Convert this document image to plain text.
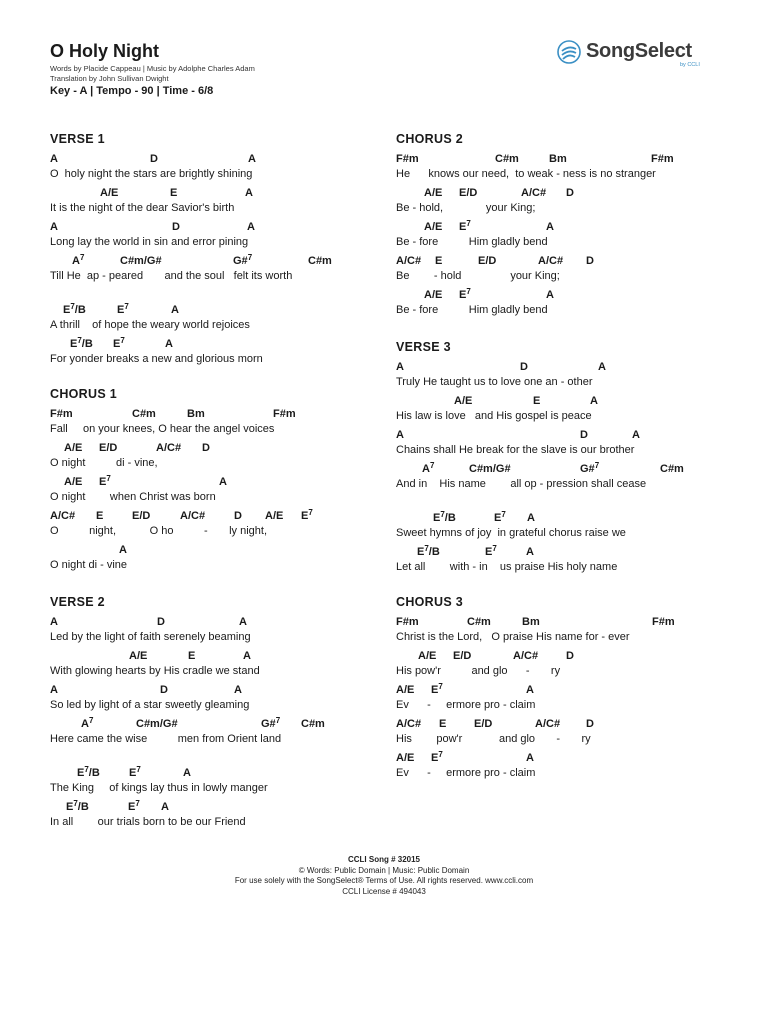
O Holy Night
Words by Placide Cappeau | Music by Adolphe Charles Adam
Translation by John Sullivan Dwight
Key - A | Tempo - 90 | Time - 6/8
SongSelect
by CCLI
VERSE 1
A	D	A
O  holy night the stars are brightly shining
A/E	E	A
It is the night of the dear Savior's birth
A	D	A
Long lay the world in sin and error pining
$A^7$	C#m/G#	G#$^7$	C#m
Till He  ap - peared       and the soul   felt its worth
$E^7/B$	$E^7$	A
A thrill    of hope the weary world rejoices
$E^7/B$ $E^7$	A
For yonder breaks a new and glorious morn
CHORUS 1
F#m	C#m	Bm	F#m
Fall     on your knees, O hear the angel voices
A/E E/D	A/C# D
O night          di - vine,
A/E $E^7$	A
O night        when Christ was born
A/C# E	E/D	A/C#	D A/E $E^7$
O          night,           O ho          -       ly night,
A
O night di - vine
VERSE 2
A	D	A
Led by the light of faith serenely beaming
A/E	E	A
With glowing hearts by His cradle we stand
A	D	A
So led by light of a star sweetly gleaming
$A^7$	C#m/G#	G#$^7$ C#m
Here came the wise          men from Orient land
$E^7/B$	$E^7$	A
The King     of kings lay thus in lowly manger
$E^7/B$	$E^7$ A
In all        our trials born to be our Friend
CHORUS 2
F#m	C#m	Bm	F#m
He      knows our need,  to weak - ness is no stranger
A/E E/D	A/C# D
Be - hold,              your King;
A/E $E^7$	A
Be - fore          Him gladly bend
A/C# E	E/D	A/C# D
Be        - hold                your King;
A/E $E^7$	A
Be - fore          Him gladly bend
VERSE 3
A	D	A
Truly He taught us to love one an - other
A/E	E	A
His law is love   and His gospel is peace
A	D	A
Chains shall He break for the slave is our brother
$A^7$	C#m/G#	G#$^7$	C#m
And in    His name        all op - pression shall cease
$E^7/B$	$E^7$ A
Sweet hymns of joy  in grateful chorus raise we
$E^7/B$	$E^7$	A
Let all        with - in    us praise His holy name
CHORUS 3
F#m	C#m	Bm	F#m
Christ is the Lord,   O praise His name for - ever
A/E E/D	A/C#	D
His pow'r          and glo      -       ry
A/E $E^7$	A
Ev      -     ermore pro - claim
A/C# E	E/D	A/C# D
His        pow'r            and glo       -       ry
A/E $E^7$	A
Ev      -     ermore pro - claim
CCLI Song # 32015
© Words: Public Domain | Music: Public Domain
For use solely with the SongSelect® Terms of Use. All rights reserved. www.ccli.com
CCLI License # 494043
